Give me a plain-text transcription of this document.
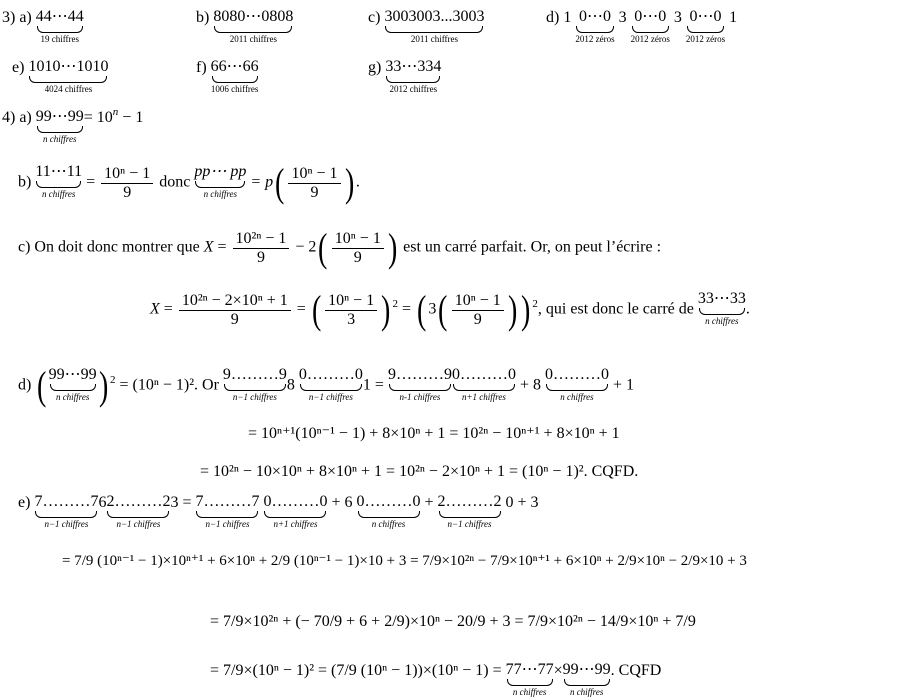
3) a) 44⋯44
19 chiffres
b) 8080⋯0808
2011 chiffres
c) 3003003...3003
2011 chiffres
d) 1 0⋯0
2012 zéros
3 0⋯0
2012 zéros
3 0⋯0
2012 zéros
1
e) 1010⋯1010
4024 chiffres
f) 66⋯66
1006 chiffres
g) 33⋯334
2012 chiffres
4) a) 99⋯99
n chiffres
= $10^n - 1$
b)
11⋯11
n chiffres
= $\frac{\text{10ⁿ − 1}}{9}$ donc
pp⋯ pp
n chiffres
= $p( \frac{\text{10ⁿ − 1}}{9}$ ) .
c) On doit donc montrer que $X = \frac{\text{10²ⁿ − 1}}{9} - 2( \frac{\text{10ⁿ − 1}}{9}$ ) est un carré parfait. Or, on peut l’écrire :
$X = \frac{\text{10²ⁿ − 2×10ⁿ + 1}}{9}$ = ( $\frac{\text{10ⁿ − 1}}{3}$ ) $^2$ = ( $3( \frac{\text{10ⁿ − 1}}{9}$ )) $^2$, qui est donc le carré de
33⋯33
n chiffres
.
d) ( 99⋯99
n chiffres ) $^2$ = (10ⁿ − 1)². Or
9………9
n−1 chiffres
8
0………0
n−1 chiffres
1 =
9………9
n-1 chiffres
0………0
n+1 chiffres
+ 8
0………0
n chiffres
+ 1
= 10ⁿ⁺¹(10ⁿ⁻¹ − 1) + 8×10ⁿ + 1 = 10²ⁿ − 10ⁿ⁺¹ + 8×10ⁿ + 1
= 10²ⁿ − 10×10ⁿ + 8×10ⁿ + 1 = 10²ⁿ − 2×10ⁿ + 1 = (10ⁿ − 1)². CQFD.
e) 7………7
n−1 chiffres
6 2………2
n−1 chiffres
3 = 7………7
n−1 chiffres

0………0
n+1 chiffres
+ 6 0………0
n chiffres
+ 2………2
n−1 chiffres
0 + 3
= 7/9 (10ⁿ⁻¹ − 1)×10ⁿ⁺¹ + 6×10ⁿ + 2/9 (10ⁿ⁻¹ − 1)×10 + 3 = 7/9×10²ⁿ − 7/9×10ⁿ⁺¹ + 6×10ⁿ + 2/9×10ⁿ − 2/9×10 + 3
= 7/9×10²ⁿ + (− 70/9 + 6 + 2/9)×10ⁿ − 20/9 + 3 = 7/9×10²ⁿ − 14/9×10ⁿ + 7/9
= 7/9×(10ⁿ − 1)² = (7/9 (10ⁿ − 1))×(10ⁿ − 1) = 77⋯77
n chiffres
× 99⋯99
n chiffres
. CQFD
